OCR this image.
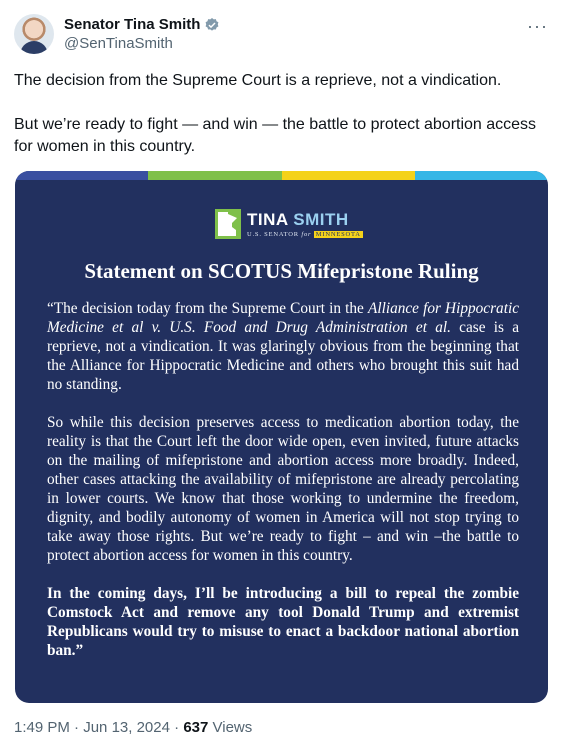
Senator Tina Smith
@SenTinaSmith
···

The decision from the Supreme Court is a reprieve, not a vindication.

But we’re ready to fight — and win — the battle to protect abortion access for women in this country.

TINA SMITH
U.S. SENATOR for MINNESOTA
Statement on SCOTUS Mifepristone Ruling

“The decision today from the Supreme Court in the Alliance for Hippocratic Medicine et al v. U.S. Food and Drug Administration et al. case is a reprieve, not a vindication. It was glaringly obvious from the beginning that the Alliance for Hippocratic Medicine and others who brought this suit had no standing.

So while this decision preserves access to medication abortion today, the reality is that the Court left the door wide open, even invited, future attacks on the mailing of mifepristone and abortion access more broadly. Indeed, other cases attacking the availability of mifepristone are already percolating in lower courts. We know that those working to undermine the freedom, dignity, and bodily autonomy of women in America will not stop trying to take away those rights. But we’re ready to fight – and win –the battle to protect abortion access for women in this country.

In the coming days, I’ll be introducing a bill to repeal the zombie Comstock Act and remove any tool Donald Trump and extremist Republicans would try to misuse to enact a backdoor national abortion ban.”

1:49 PM · Jun 13, 2024 · 637 Views
